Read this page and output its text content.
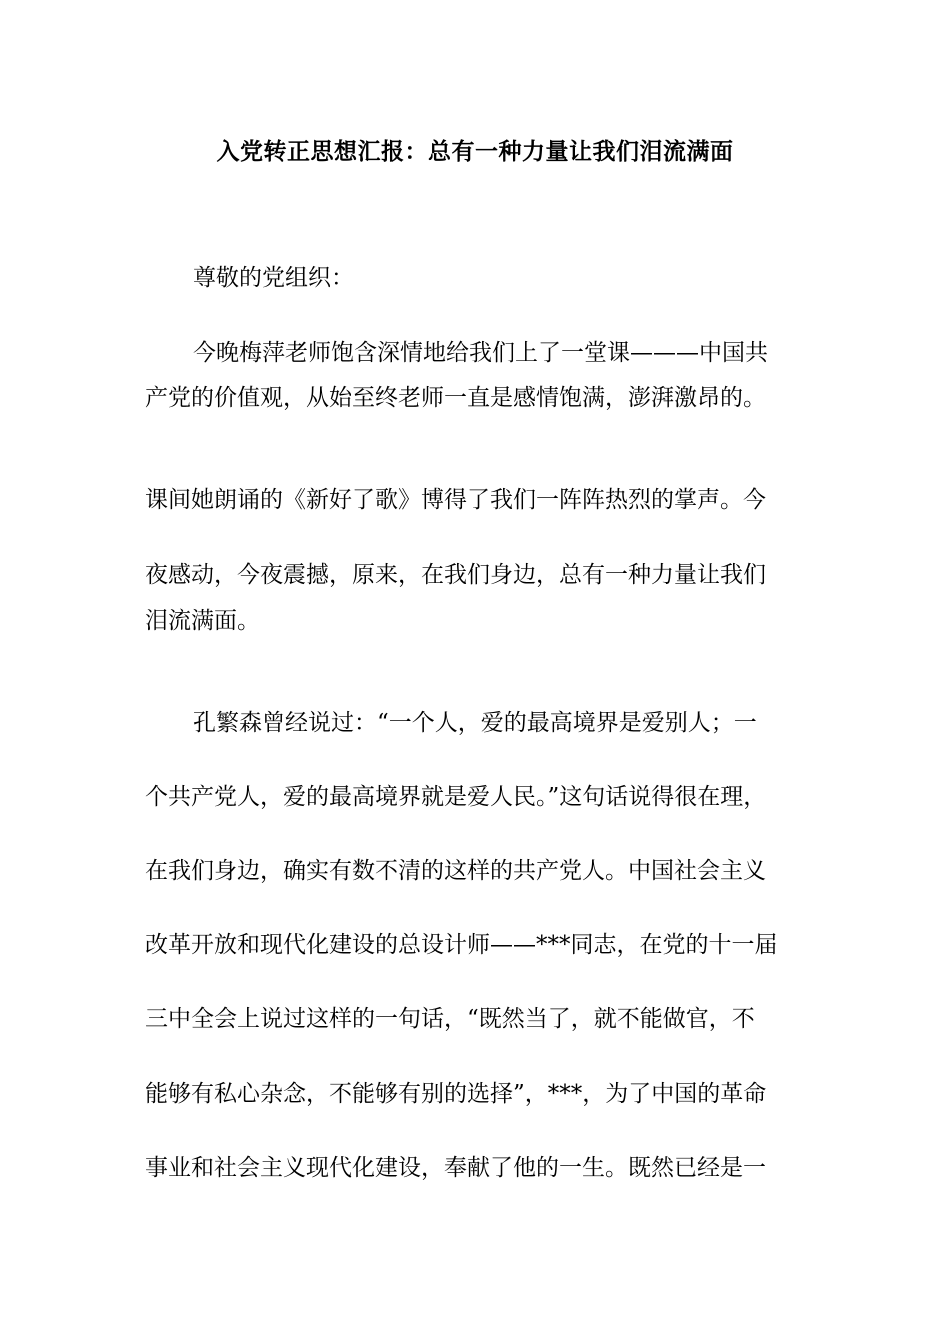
入党转正思想汇报：总有一种力量让我们泪流满面
尊敬的党组织：
今晚梅萍老师饱含深情地给我们上了一堂课———中国共
产党的价值观，从始至终老师一直是感情饱满，澎湃激昂的。
课间她朗诵的《新好了歌》博得了我们一阵阵热烈的掌声。今
夜感动，今夜震撼，原来，在我们身边，总有一种力量让我们
泪流满面。
孔繁森曾经说过：“一个人，爱的最高境界是爱别人；一
个共产党人，爱的最高境界就是爱人民。”这句话说得很在理，
在我们身边，确实有数不清的这样的共产党人。中国社会主义
改革开放和现代化建设的总设计师——***同志，在党的十一届
三中全会上说过这样的一句话，“既然当了，就不能做官，不
能够有私心杂念，不能够有别的选择”，***，为了中国的革命
事业和社会主义现代化建设，奉献了他的一生。既然已经是一
